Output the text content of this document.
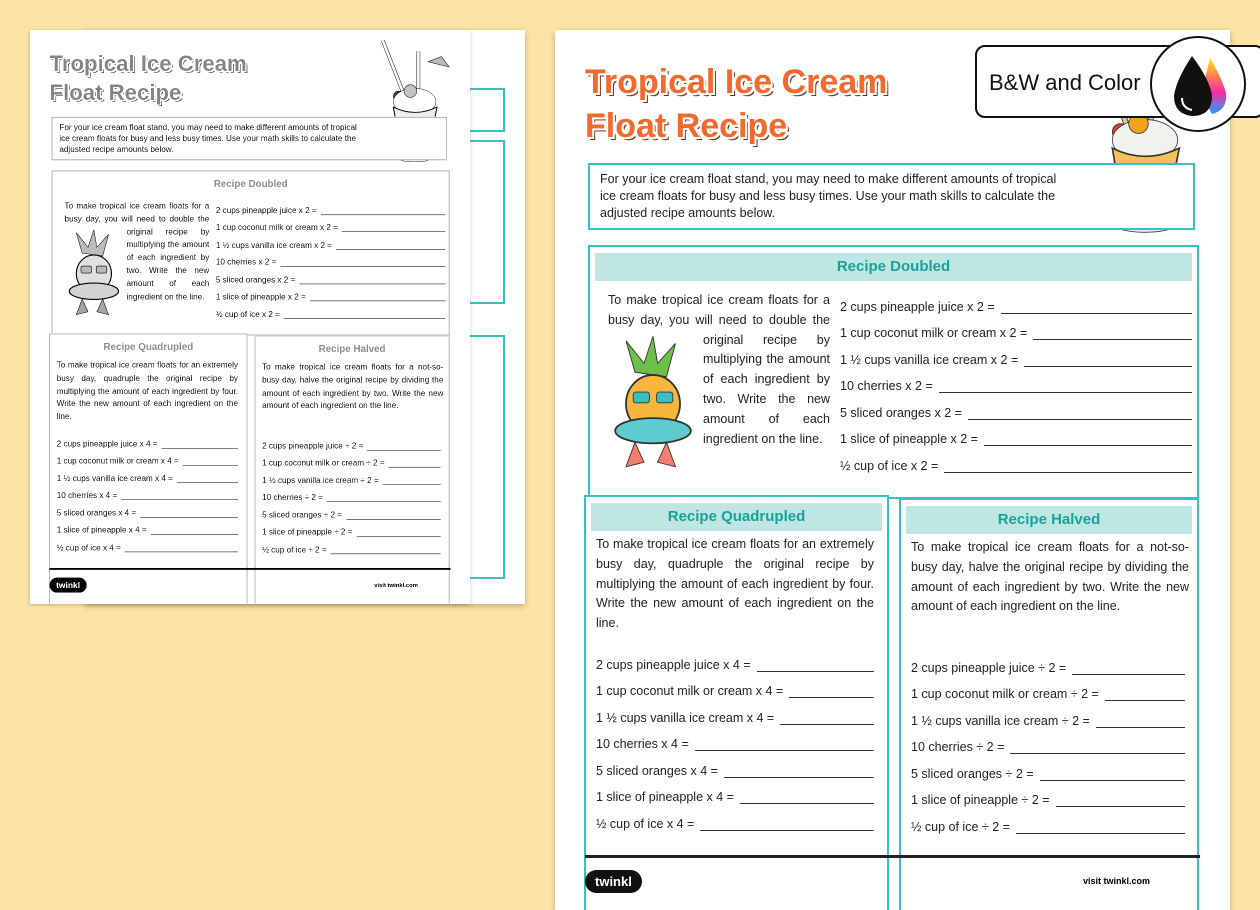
Tropical Ice Cream
Float Recipe
For your ice cream float stand, you may need to make different amounts of tropical ice cream floats for busy and less busy times. Use your math skills to calculate the adjusted recipe amounts below.
Recipe Doubled
To make tropical ice cream floats for a busy day, you will need to double the original recipe by multiplying the amount of each ingredient by two. Write the new amount of each ingredient on the line.
2 cups pineapple juice x 2 =
1 cup coconut milk or cream x 2 =
1 ½ cups vanilla ice cream x 2 =
10 cherries x 2 =
5 sliced oranges x 2 =
1 slice of pineapple x 2 =
½ cup of ice x 2 =
Recipe Quadrupled
To make tropical ice cream floats for an extremely busy day, quadruple the original recipe by multiplying the amount of each ingredient by four. Write the new amount of each ingredient on the line.
2 cups pineapple juice x 4 =
1 cup coconut milk or cream x 4 =
1 ½ cups vanilla ice cream x 4 =
10 cherries x 4 =
5 sliced oranges x 4 =
1 slice of pineapple x 4 =
½ cup of ice x 4 =
Recipe Halved
To make tropical ice cream floats for a not-so-busy day, halve the original recipe by dividing the amount of each ingredient by two. Write the new amount of each ingredient on the line.
2 cups pineapple juice ÷ 2 =
1 cup coconut milk or cream ÷ 2 =
1 ½ cups vanilla ice cream ÷ 2 =
10 cherries ÷ 2 =
5 sliced oranges ÷ 2 =
1 slice of pineapple ÷ 2 =
½ cup of ice ÷ 2 =
twinkl	visit twinkl.com
Tropical Ice Cream
Float Recipe
For your ice cream float stand, you may need to make different amounts of tropical ice cream floats for busy and less busy times. Use your math skills to calculate the adjusted recipe amounts below.
Recipe Doubled
To make tropical ice cream floats for a busy day, you will need to double the original recipe by multiplying the amount of each ingredient by two. Write the new amount of each ingredient on the line.
2 cups pineapple juice x 2 =
1 cup coconut milk or cream x 2 =
1 ½ cups vanilla ice cream x 2 =
10 cherries x 2 =
5 sliced oranges x 2 =
1 slice of pineapple x 2 =
½ cup of ice x 2 =
Recipe Quadrupled
To make tropical ice cream floats for an extremely busy day, quadruple the original recipe by multiplying the amount of each ingredient by four. Write the new amount of each ingredient on the line.
2 cups pineapple juice x 4 =
1 cup coconut milk or cream x 4 =
1 ½ cups vanilla ice cream x 4 =
10 cherries x 4 =
5 sliced oranges x 4 =
1 slice of pineapple x 4 =
½ cup of ice x 4 =
Recipe Halved
To make tropical ice cream floats for a not-so-busy day, halve the original recipe by dividing the amount of each ingredient by two. Write the new amount of each ingredient on the line.
2 cups pineapple juice ÷ 2 =
1 cup coconut milk or cream ÷ 2 =
1 ½ cups vanilla ice cream ÷ 2 =
10 cherries ÷ 2 =
5 sliced oranges ÷ 2 =
1 slice of pineapple ÷ 2 =
½ cup of ice ÷ 2 =
twinkl	visit twinkl.com
B&W and Color
